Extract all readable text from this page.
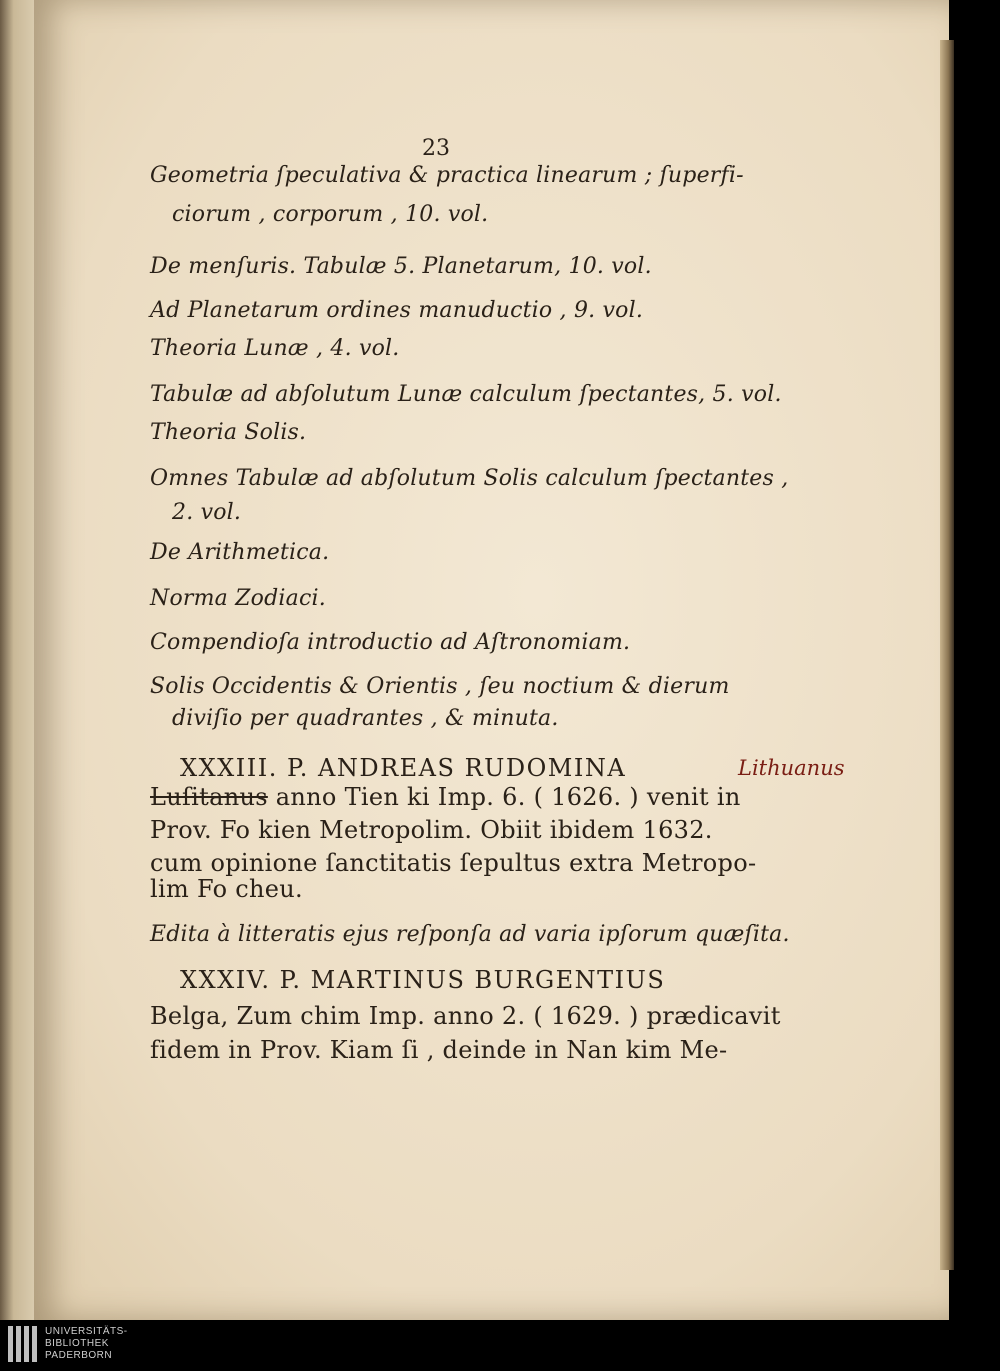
23
Geometria ſpeculativa & practica linearum ; ſuperfi-
ciorum , corporum , 10. vol.
De menſuris. Tabulæ 5. Planetarum, 10. vol.
Ad Planetarum ordines manuductio , 9. vol.
Theoria Lunæ , 4. vol.
Tabulæ ad abſolutum Lunæ calculum ſpectantes, 5. vol.
Theoria Solis.
Omnes Tabulæ ad abſolutum Solis calculum ſpectantes ,
2. vol.
De Arithmetica.
Norma Zodiaci.
Compendioſa introductio ad Aſtronomiam.
Solis Occidentis & Orientis , ſeu noctium & dierum
diviſio per quadrantes , & minuta.
XXXIII. P. ANDREAS RUDOMINA
Luſitanus anno Tien ki Imp. 6. ( 1626. ) venit in
Prov. Fo kien Metropolim. Obiit ibidem 1632.
cum opinione ſanctitatis ſepultus extra Metropo-
lim Fo cheu.
Edita à litteratis ejus reſponſa ad varia ipſorum quæſita.
XXXIV. P. MARTINUS BURGENTIUS
Belga, Zum chim Imp. anno 2. ( 1629. ) prædicavit
fidem in Prov. Kiam ſi , deinde in Nan kim Me-
Lithuanus
UNIVERSITÄTS-
BIBLIOTHEK
PADERBORN
